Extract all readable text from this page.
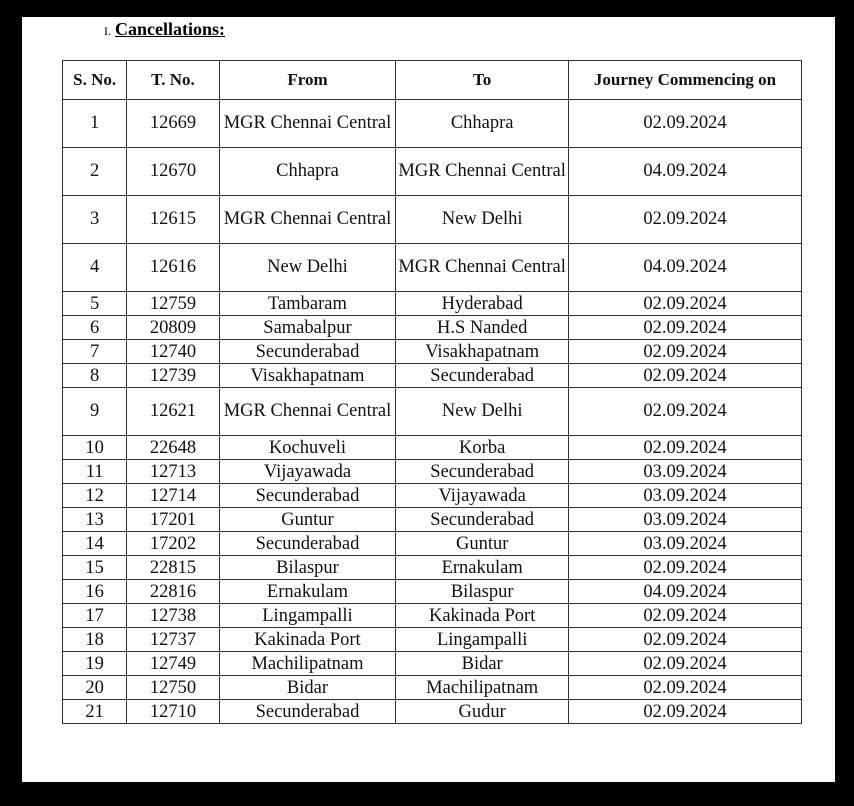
I. Cancellations:
S. No.	T. No.	From	To	Journey Commencing on
1	12669	MGR Chennai Central	Chhapra	02.09.2024
2	12670	Chhapra	MGR Chennai Central	04.09.2024
3	12615	MGR Chennai Central	New Delhi	02.09.2024
4	12616	New Delhi	MGR Chennai Central	04.09.2024
5	12759	Tambaram	Hyderabad	02.09.2024
6	20809	Samabalpur	H.S Nanded	02.09.2024
7	12740	Secunderabad	Visakhapatnam	02.09.2024
8	12739	Visakhapatnam	Secunderabad	02.09.2024
9	12621	MGR Chennai Central	New Delhi	02.09.2024
10	22648	Kochuveli	Korba	02.09.2024
11	12713	Vijayawada	Secunderabad	03.09.2024
12	12714	Secunderabad	Vijayawada	03.09.2024
13	17201	Guntur	Secunderabad	03.09.2024
14	17202	Secunderabad	Guntur	03.09.2024
15	22815	Bilaspur	Ernakulam	02.09.2024
16	22816	Ernakulam	Bilaspur	04.09.2024
17	12738	Lingampalli	Kakinada Port	02.09.2024
18	12737	Kakinada Port	Lingampalli	02.09.2024
19	12749	Machilipatnam	Bidar	02.09.2024
20	12750	Bidar	Machilipatnam	02.09.2024
21	12710	Secunderabad	Gudur	02.09.2024
